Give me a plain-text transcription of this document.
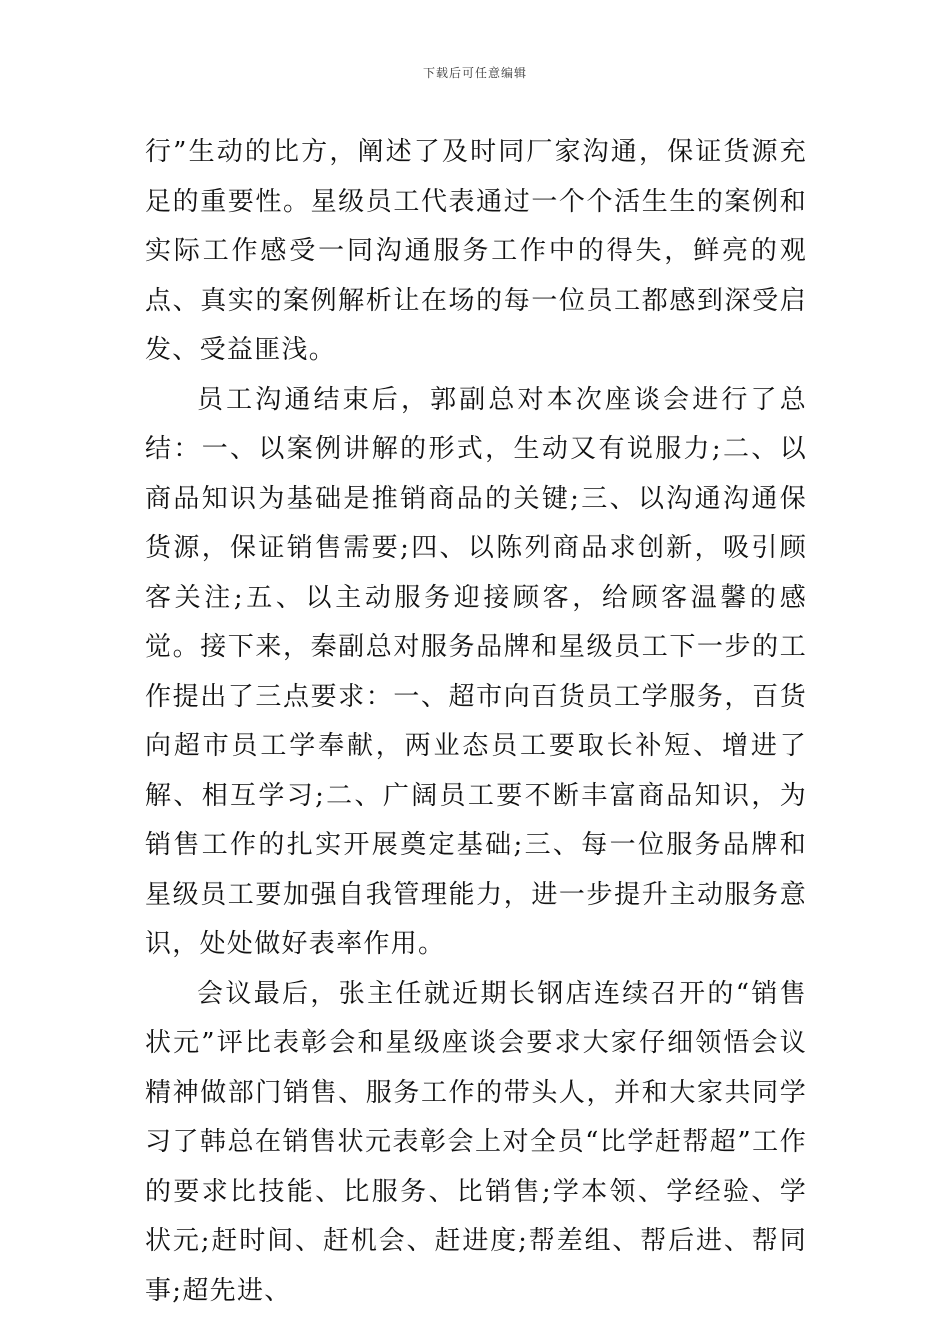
下载后可任意编辑

行”生动的比方，阐述了及时同厂家沟通，保证货源充足的重要性。星级员工代表通过一个个活生生的案例和实际工作感受一同沟通服务工作中的得失，鲜亮的观点、真实的案例解析让在场的每一位员工都感到深受启发、受益匪浅。

员工沟通结束后，郭副总对本次座谈会进行了总结：一、以案例讲解的形式，生动又有说服力;二、以商品知识为基础是推销商品的关键;三、以沟通沟通保货源，保证销售需要;四、以陈列商品求创新，吸引顾客关注;五、以主动服务迎接顾客，给顾客温馨的感觉。接下来，秦副总对服务品牌和星级员工下一步的工作提出了三点要求：一、超市向百货员工学服务，百货向超市员工学奉献，两业态员工要取长补短、增进了解、相互学习;二、广阔员工要不断丰富商品知识，为销售工作的扎实开展奠定基础;三、每一位服务品牌和星级员工要加强自我管理能力，进一步提升主动服务意识，处处做好表率作用。

会议最后，张主任就近期长钢店连续召开的“销售状元”评比表彰会和星级座谈会要求大家仔细领悟会议精神做部门销售、服务工作的带头人，并和大家共同学习了韩总在销售状元表彰会上对全员“比学赶帮超”工作的要求比技能、比服务、比销售;学本领、学经验、学状元;赶时间、赶机会、赶进度;帮差组、帮后进、帮同事;超先进、
